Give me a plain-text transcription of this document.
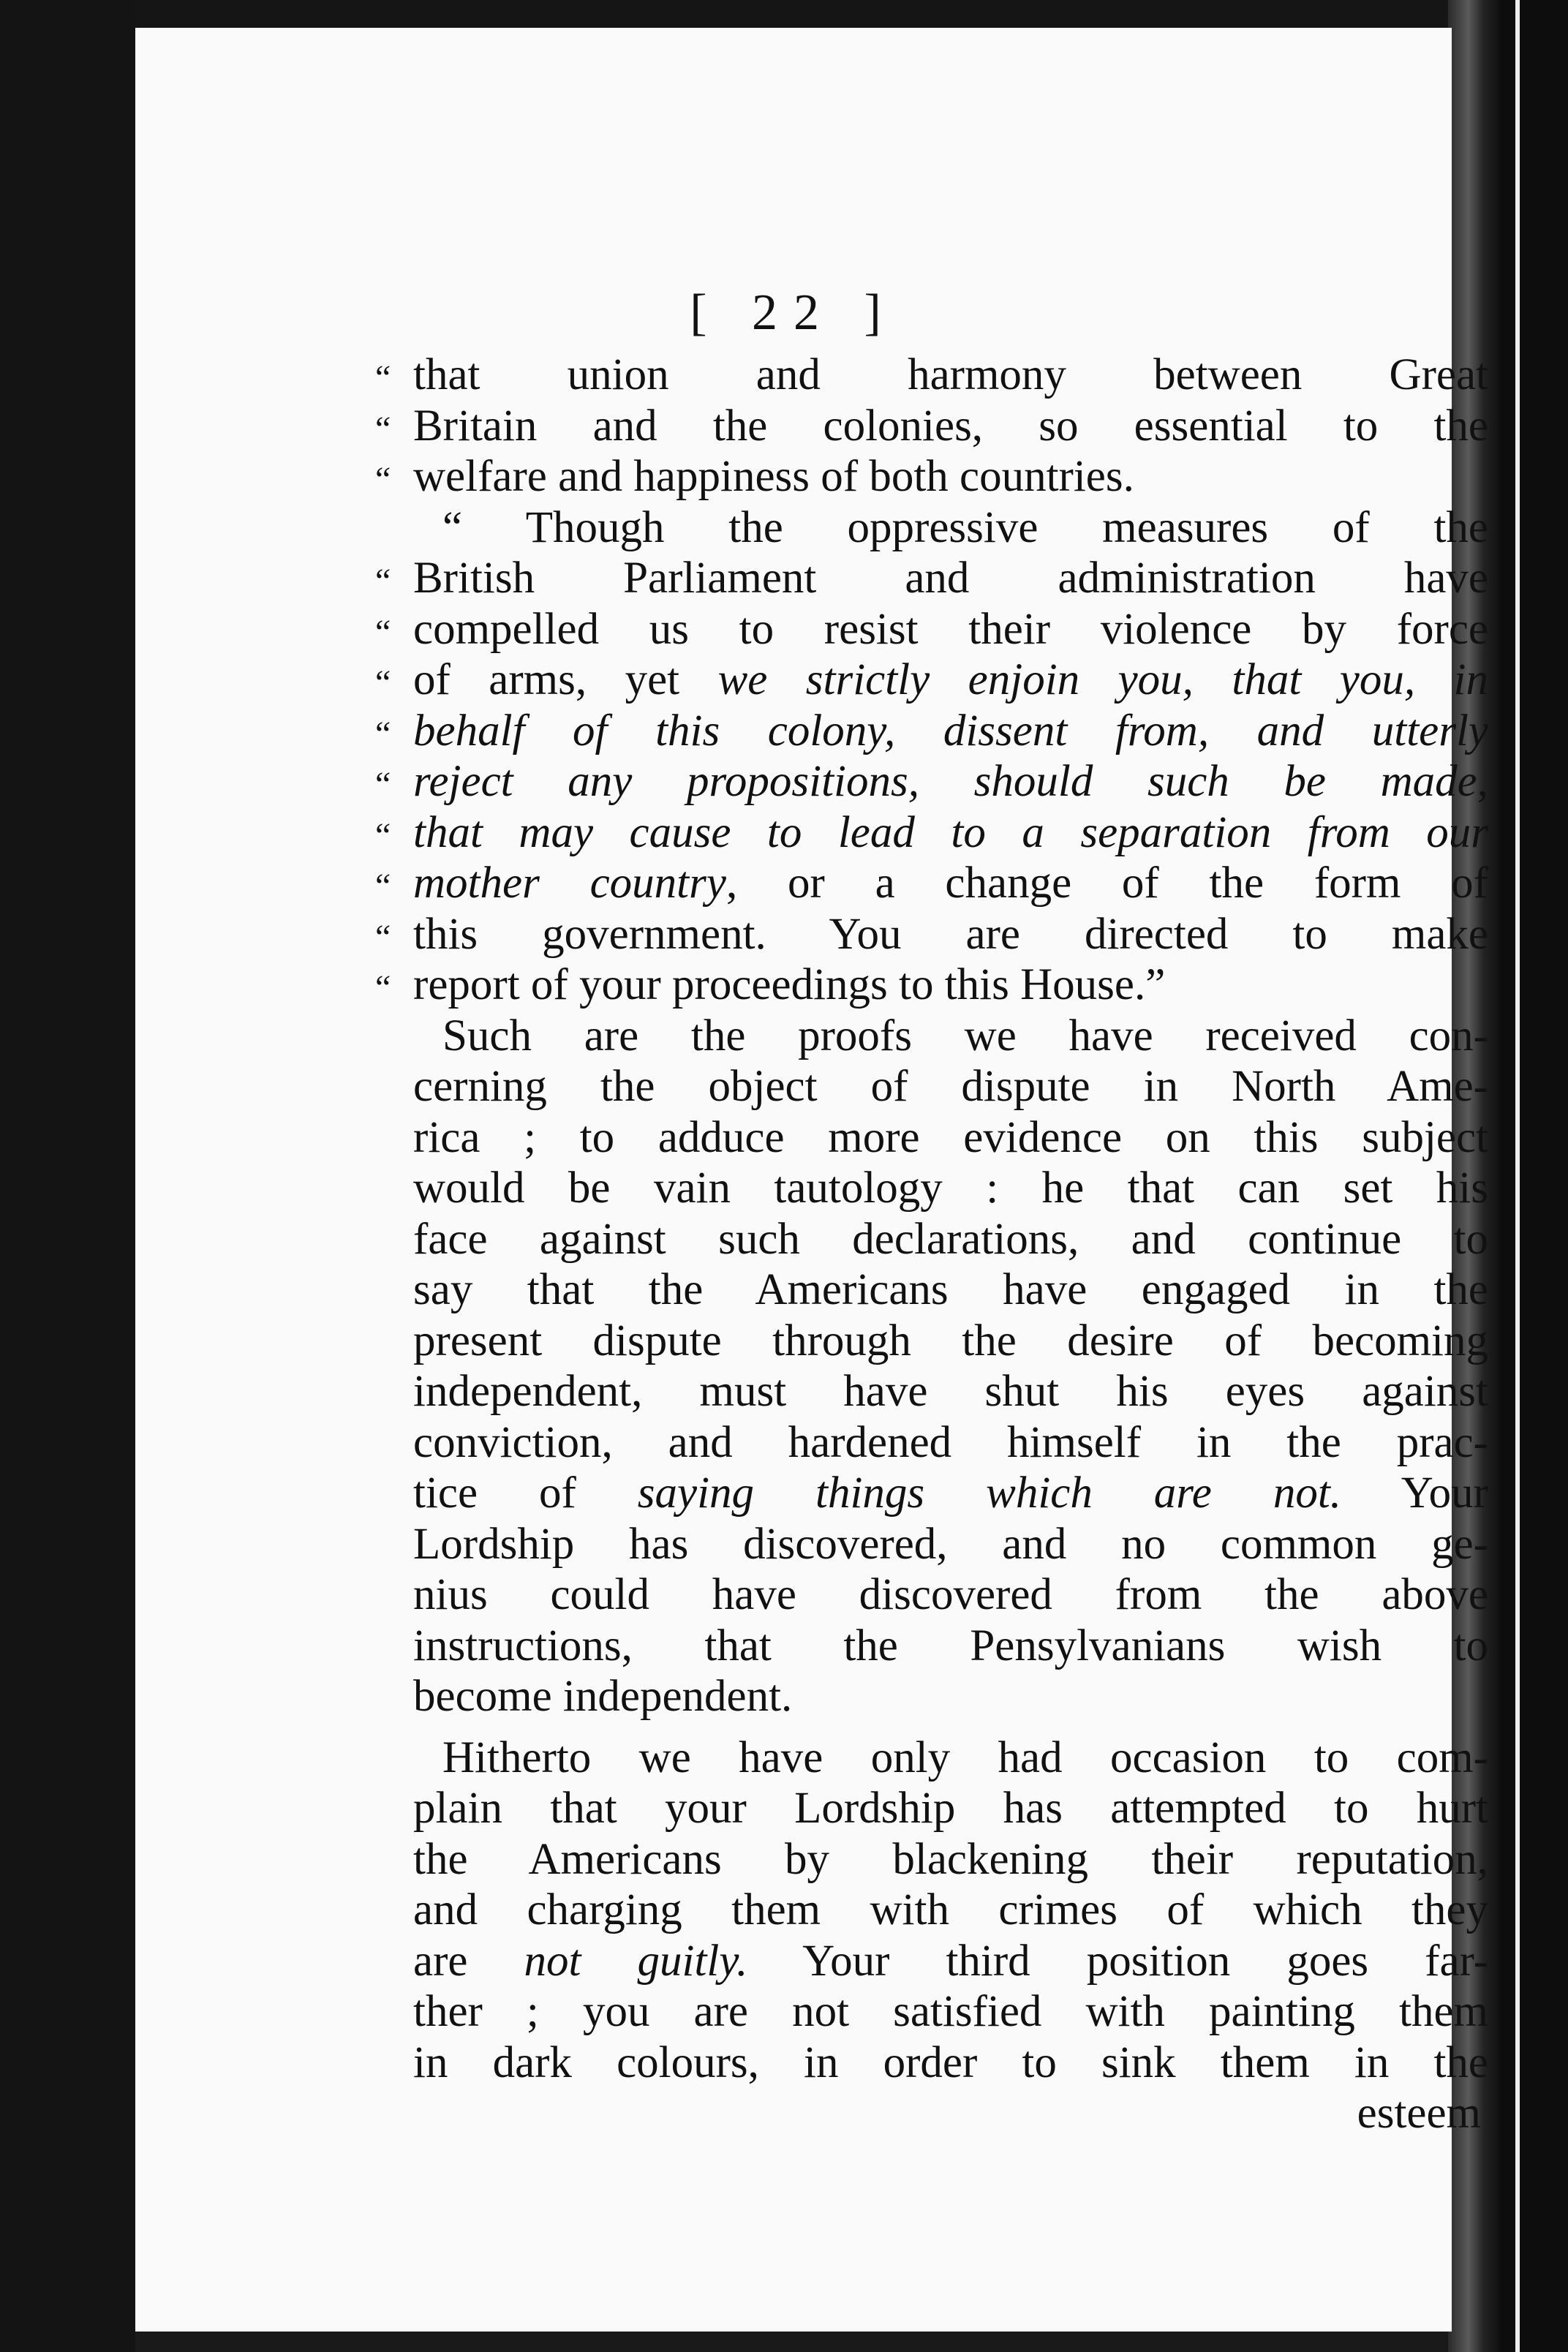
[ 22 ]
“ that union and harmony between Great
“ Britain and the colonies, so essential to the
“ welfare and happiness of both countries.
“ Though the oppressive measures of the
“ British Parliament and administration have
“ compelled us to resist their violence by force
“ of arms, yet we strictly enjoin you, that you, in
“ behalf of this colony, dissent from, and utterly
“ reject any propositions, should such be made,
“ that may cause to lead to a separation from our
“ mother country, or a change of the form of
“ this government. You are directed to make
“ report of your proceedings to this House.”
Such are the proofs we have received con-
cerning the object of dispute in North Ame-
rica ; to adduce more evidence on this subject
would be vain tautology : he that can set his
face against such declarations, and continue to
say that the Americans have engaged in the
present dispute through the desire of becoming
independent, must have shut his eyes against
conviction, and hardened himself in the prac-
tice of saying things which are not. Your
Lordship has discovered, and no common ge-
nius could have discovered from the above
instructions, that the Pensylvanians wish to
become independent.
Hitherto we have only had occasion to com-
plain that your Lordship has attempted to hurt
the Americans by blackening their reputation,
and charging them with crimes of which they
are not guitly. Your third position goes far-
ther ; you are not satisfied with painting them
in dark colours, in order to sink them in the
esteem
